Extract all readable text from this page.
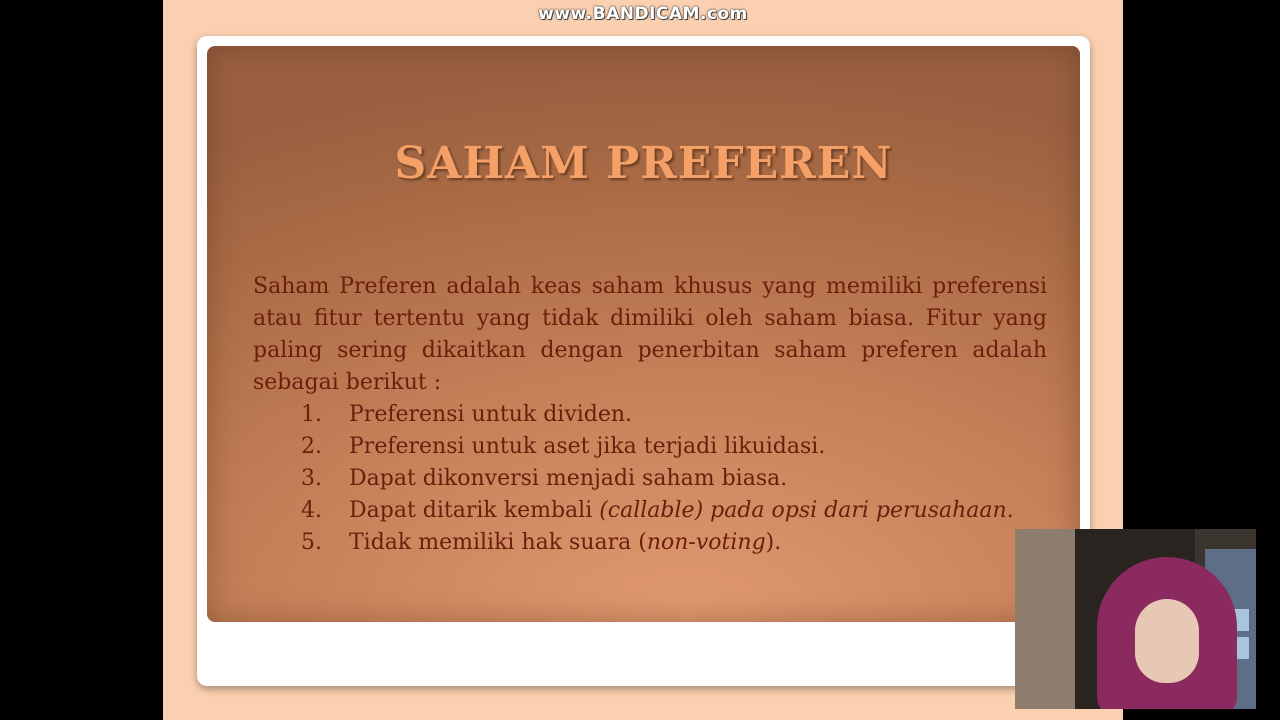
www.BANDICAM.com
SAHAM PREFEREN
Saham Preferen adalah keas saham khusus yang memiliki preferensi atau fitur tertentu yang tidak dimiliki oleh saham biasa. Fitur yang paling sering dikaitkan dengan penerbitan saham preferen adalah sebagai berikut :
1.	Preferensi untuk dividen.
2.	Preferensi untuk aset jika terjadi likuidasi.
3.	Dapat dikonversi menjadi saham biasa.
4.	Dapat ditarik kembali (callable) pada opsi dari perusahaan.
5.	Tidak memiliki hak suara (non-voting).
